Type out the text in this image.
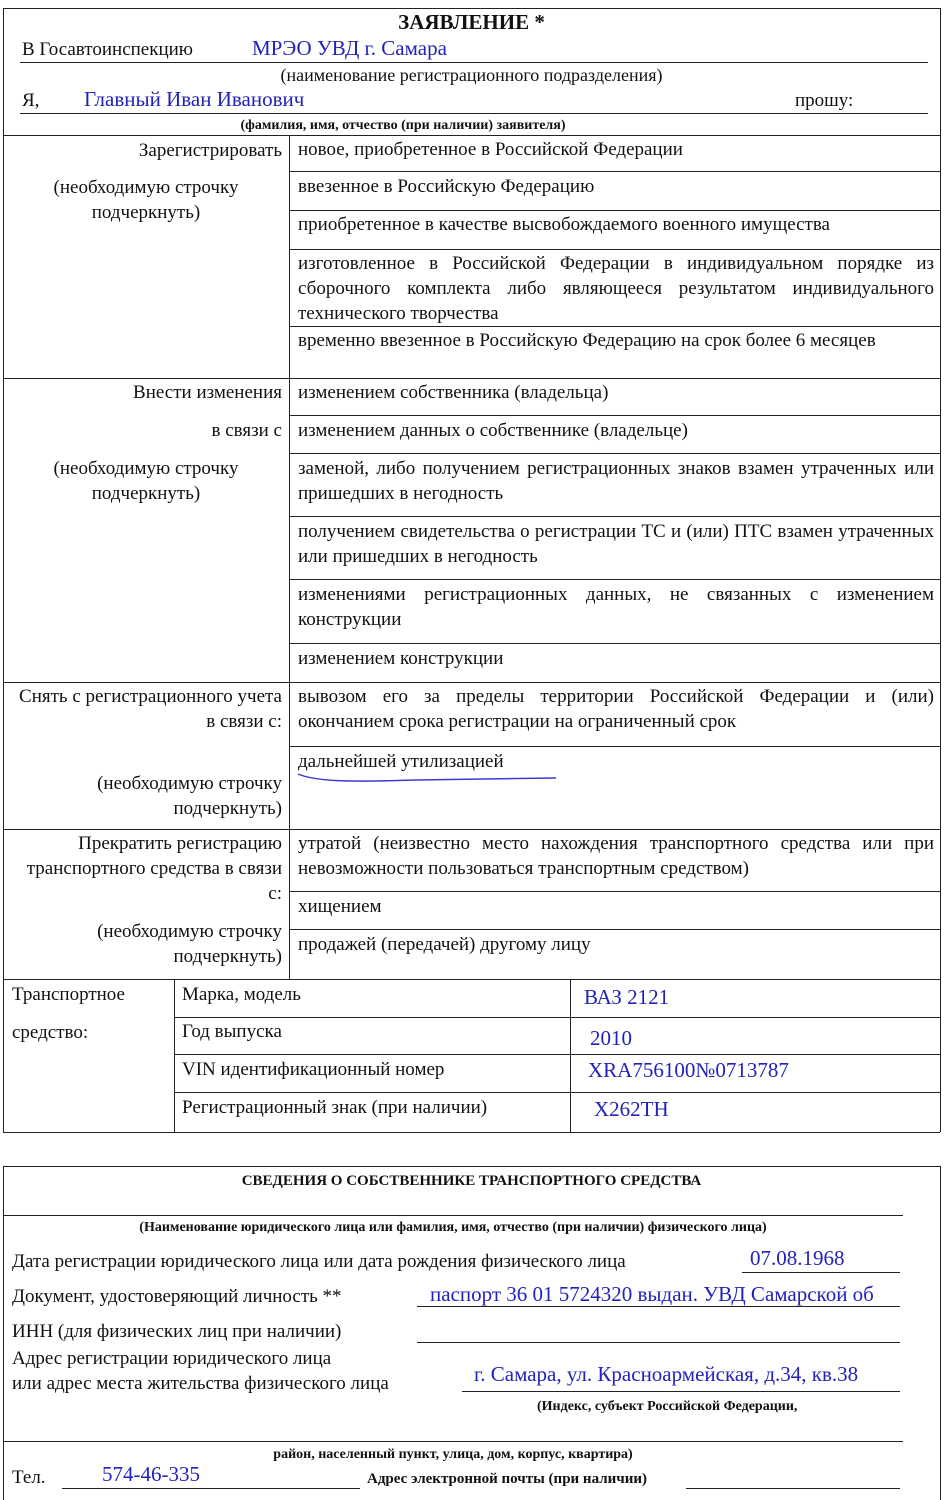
ЗАЯВЛЕНИЕ *
В Госавтоинспекцию	МРЭО УВД г. Самара
(наименование регистрационного подразделения)
Я, Главный Иван Иванович	прошу:
(фамилия, имя, отчество (при наличии) заявителя)
Зарегистрировать
(необходимую строчку подчеркнуть)
новое, приобретенное в Российской Федерации
ввезенное в Российскую Федерацию
приобретенное в качестве высвобождаемого военного имущества
изготовленное в Российской Федерации в индивидуальном порядке из сборочного комплекта либо являющееся результатом индивидуального технического творчества
временно ввезенное в Российскую Федерацию на срок более 6 месяцев
Внести изменения
в связи с
(необходимую строчку подчеркнуть)
изменением собственника (владельца)
изменением данных о собственнике (владельце)
заменой, либо получением регистрационных знаков взамен утраченных или пришедших в негодность
получением свидетельства о регистрации ТС и (или) ПТС взамен утраченных или пришедших в негодность
изменениями регистрационных данных, не связанных с изменением конструкции
изменением конструкции
Снять с регистрационного учета в связи с:
(необходимую строчку подчеркнуть)
вывозом его за пределы территории Российской Федерации и (или) окончанием срока регистрации на ограниченный срок
дальнейшей утилизацией
Прекратить регистрацию транспортного средства в связи с:
(необходимую строчку подчеркнуть)
утратой (неизвестно место нахождения транспортного средства или при невозможности пользоваться транспортным средством)
хищением
продажей (передачей) другому лицу
Транспортное
средство:
Марка, модель	ВАЗ 2121
Год выпуска	2010
VIN идентификационный номер	XRA756100№0713787
Регистрационный знак (при наличии)	Х262ТН
СВЕДЕНИЯ О СОБСТВЕННИКЕ ТРАНСПОРТНОГО СРЕДСТВА
(Наименование юридического лица или фамилия, имя, отчество (при наличии) физического лица)
Дата регистрации юридического лица или дата рождения физического лица	07.08.1968
Документ, удостоверяющий личность **	паспорт 36 01 5724320 выдан. УВД Самарской об
ИНН (для физических лиц при наличии)
Адрес регистрации юридического лица
или адрес места жительства физического лица	г. Самара, ул. Красноармейская, д.34, кв.38
(Индекс, субъект Российской Федерации,
район, населенный пункт, улица, дом, корпус, квартира)
Тел.	574-46-335	Адрес электронной почты (при наличии)
